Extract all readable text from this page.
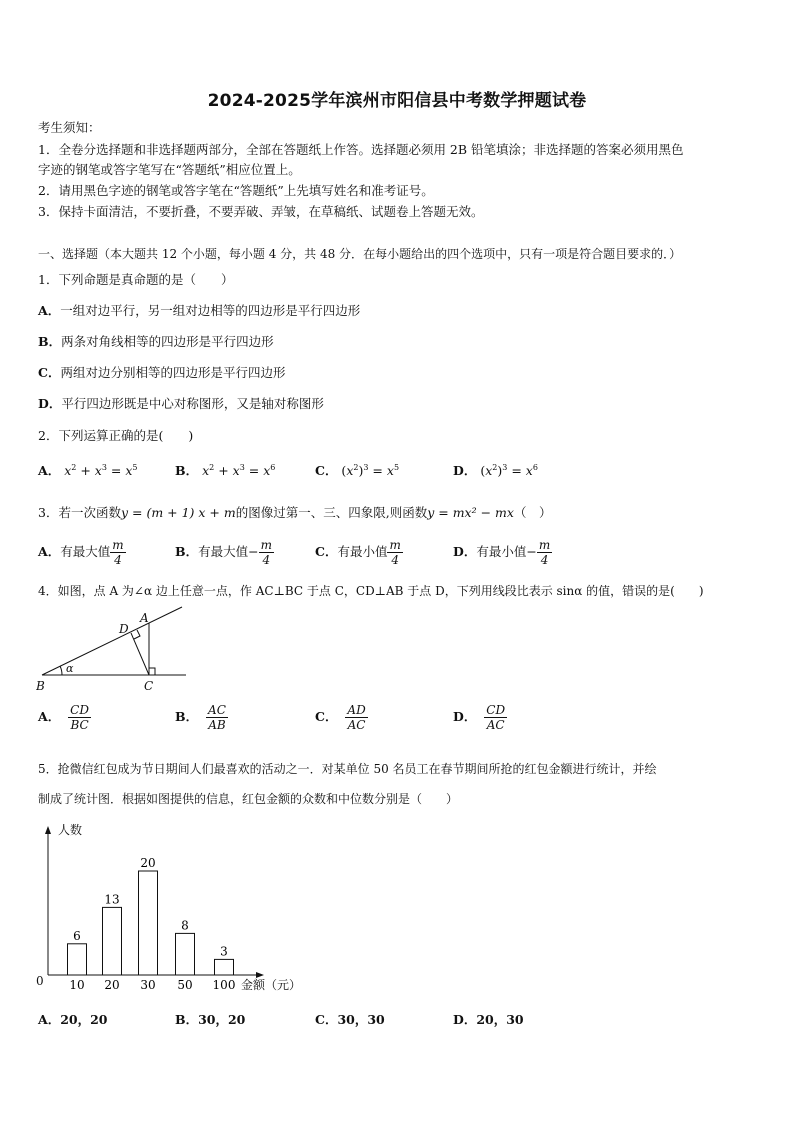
2024-2025学年滨州市阳信县中考数学押题试卷
考生须知：
1．全卷分选择题和非选择题两部分，全部在答题纸上作答。选择题必须用 2B 铅笔填涂；非选择题的答案必须用黑色
字迹的钢笔或答字笔写在“答题纸”相应位置上。
2．请用黑色字迹的钢笔或答字笔在“答题纸”上先填写姓名和准考证号。
3．保持卡面清洁，不要折叠，不要弄破、弄皱，在草稿纸、试题卷上答题无效。
一、选择题（本大题共 12 个小题，每小题 4 分，共 48 分．在每小题给出的四个选项中，只有一项是符合题目要求的．）
1．下列命题是真命题的是（　　）
A．一组对边平行，另一组对边相等的四边形是平行四边形
B．两条对角线相等的四边形是平行四边形
C．两组对边分别相等的四边形是平行四边形
D．平行四边形既是中心对称图形，又是轴对称图形
2．下列运算正确的是(　　)
A． $x^2 + x^3 = x^5$	B． $x^2 + x^3 = x^6$	C． $(x^2)^3 = x^5$	D． $(x^2)^3 = x^6$
3．若一次函数y = (m + 1) x + m的图像过第一、三、四象限,则函数y = mx² − mx（　）
A．有最大值 $\frac{m}{4}$	B．有最大值− $\frac{m}{4}$	C．有最小值 $\frac{m}{4}$	D．有最小值− $\frac{m}{4}$
4．如图，点 A 为∠α 边上任意一点，作 AC⊥BC 于点 C，CD⊥AB 于点 D，下列用线段比表示 sinα 的值，错误的是(　　)
B	C
A
D
α
A． $\frac{CD}{BC}$	B． $\frac{AC}{AB}$	C． $\frac{AD}{AC}$	D． $\frac{CD}{AC}$
5．抢微信红包成为节日期间人们最喜欢的活动之一．对某单位 50 名员工在春节期间所抢的红包金额进行统计，并绘
制成了统计图．根据如图提供的信息，红包金额的众数和中位数分别是（　　）
6
10
13
20
20
30
8
50
3
100
人数
0	金额（元）
A．20，20	B．30，20	C．30，30	D．20，30
